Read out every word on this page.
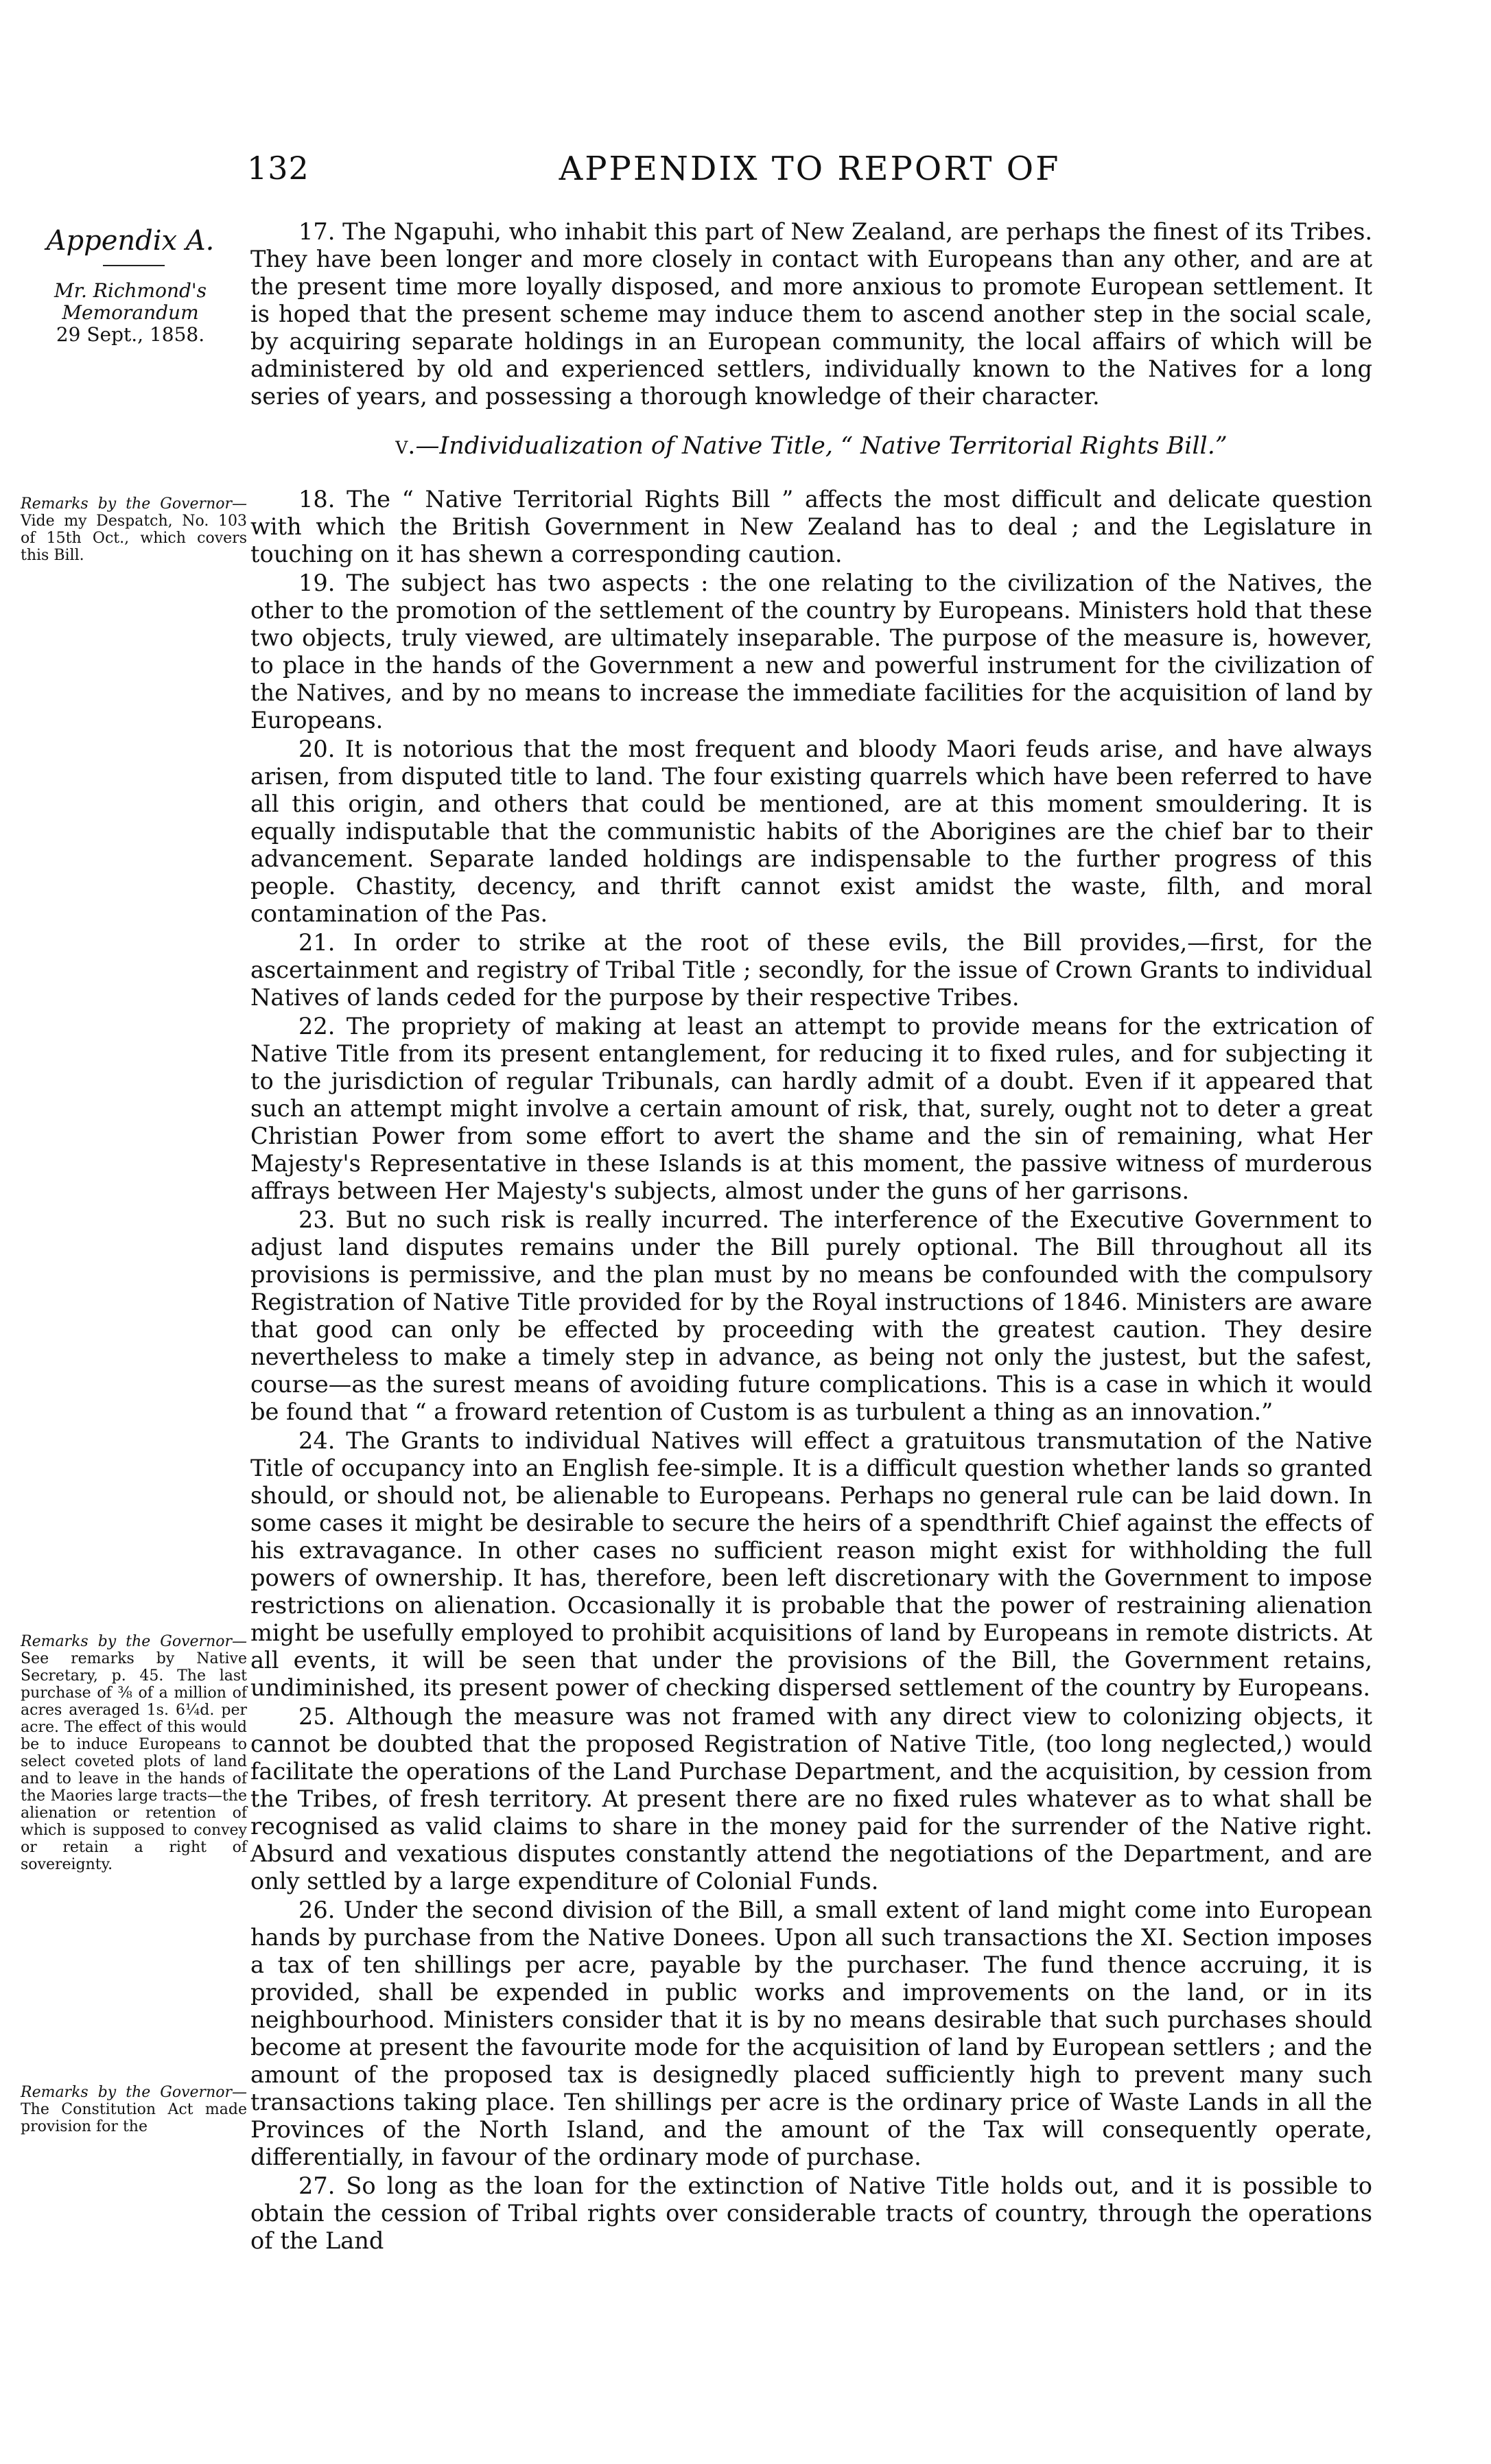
132	APPENDIX TO REPORT OF
Appendix A.
Mr. Richmond's
Memorandum
29 Sept., 1858.
Remarks by the Governor— Vide my Despatch, No. 103 of 15th Oct., which covers this Bill.
Remarks by the Governor— See remarks by Native Secretary, p. 45. The last purchase of ⅜ of a million of acres averaged 1s. 6¼d. per acre. The effect of this would be to induce Europeans to select coveted plots of land and to leave in the hands of the Maories large tracts—the alienation or retention of which is supposed to convey or retain a right of sovereignty.
Remarks by the Governor— The Constitution Act made provision for the

17. The Ngapuhi, who inhabit this part of New Zealand, are perhaps the finest of its Tribes. They have been longer and more closely in contact with Europeans than any other, and are at the present time more loyally disposed, and more anxious to promote European settlement. It is hoped that the present scheme may induce them to ascend another step in the social scale, by acquiring separate holdings in an European community, the local affairs of which will be administered by old and experienced settlers, individually known to the Natives for a long series of years, and possessing a thorough knowledge of their character.

v.—Individualization of Native Title, “ Native Territorial Rights Bill.”

18. The “ Native Territorial Rights Bill ” affects the most difficult and delicate question with which the British Government in New Zealand has to deal ; and the Legislature in touching on it has shewn a corresponding caution.

19. The subject has two aspects : the one relating to the civilization of the Natives, the other to the promotion of the settlement of the country by Europeans. Ministers hold that these two objects, truly viewed, are ultimately inseparable. The purpose of the measure is, however, to place in the hands of the Government a new and powerful instrument for the civilization of the Natives, and by no means to increase the immediate facilities for the acquisition of land by Europeans.

20. It is notorious that the most frequent and bloody Maori feuds arise, and have always arisen, from disputed title to land. The four existing quarrels which have been referred to have all this origin, and others that could be mentioned, are at this moment smouldering. It is equally indisputable that the communistic habits of the Aborigines are the chief bar to their advancement. Separate landed holdings are indispensable to the further progress of this people. Chastity, decency, and thrift cannot exist amidst the waste, filth, and moral contamination of the Pas.

21. In order to strike at the root of these evils, the Bill provides,—first, for the ascertainment and registry of Tribal Title ; secondly, for the issue of Crown Grants to individual Natives of lands ceded for the purpose by their respective Tribes.

22. The propriety of making at least an attempt to provide means for the extrication of Native Title from its present entanglement, for reducing it to fixed rules, and for subjecting it to the jurisdiction of regular Tribunals, can hardly admit of a doubt. Even if it appeared that such an attempt might involve a certain amount of risk, that, surely, ought not to deter a great Christian Power from some effort to avert the shame and the sin of remaining, what Her Majesty's Representative in these Islands is at this moment, the passive witness of murderous affrays between Her Majesty's subjects, almost under the guns of her garrisons.

23. But no such risk is really incurred. The interference of the Executive Government to adjust land disputes remains under the Bill purely optional. The Bill throughout all its provisions is permissive, and the plan must by no means be confounded with the compulsory Registration of Native Title provided for by the Royal instructions of 1846. Ministers are aware that good can only be effected by proceeding with the greatest caution. They desire nevertheless to make a timely step in advance, as being not only the justest, but the safest, course—as the surest means of avoiding future complications. This is a case in which it would be found that “ a froward retention of Custom is as turbulent a thing as an innovation.”

24. The Grants to individual Natives will effect a gratuitous transmutation of the Native Title of occupancy into an English fee-simple. It is a difficult question whether lands so granted should, or should not, be alienable to Europeans. Perhaps no general rule can be laid down. In some cases it might be desirable to secure the heirs of a spendthrift Chief against the effects of his extravagance. In other cases no sufficient reason might exist for withholding the full powers of ownership. It has, therefore, been left discretionary with the Government to impose restrictions on alienation. Occasionally it is probable that the power of restraining alienation might be usefully employed to prohibit acquisitions of land by Europeans in remote districts. At all events, it will be seen that under the provisions of the Bill, the Government retains, undiminished, its present power of checking dispersed settlement of the country by Europeans.

25. Although the measure was not framed with any direct view to colonizing objects, it cannot be doubted that the proposed Registration of Native Title, (too long neglected,) would facilitate the operations of the Land Purchase Department, and the acquisition, by cession from the Tribes, of fresh territory. At present there are no fixed rules whatever as to what shall be recognised as valid claims to share in the money paid for the surrender of the Native right. Absurd and vexatious disputes constantly attend the negotiations of the Department, and are only settled by a large expenditure of Colonial Funds.

26. Under the second division of the Bill, a small extent of land might come into European hands by purchase from the Native Donees. Upon all such transactions the XI. Section imposes a tax of ten shillings per acre, payable by the purchaser. The fund thence accruing, it is provided, shall be expended in public works and improvements on the land, or in its neighbourhood. Ministers consider that it is by no means desirable that such purchases should become at present the favourite mode for the acquisition of land by European settlers ; and the amount of the proposed tax is designedly placed sufficiently high to prevent many such transactions taking place. Ten shillings per acre is the ordinary price of Waste Lands in all the Provinces of the North Island, and the amount of the Tax will consequently operate, differentially, in favour of the ordinary mode of purchase.

27. So long as the loan for the extinction of Native Title holds out, and it is possible to obtain the cession of Tribal rights over considerable tracts of country, through the operations of the Land
